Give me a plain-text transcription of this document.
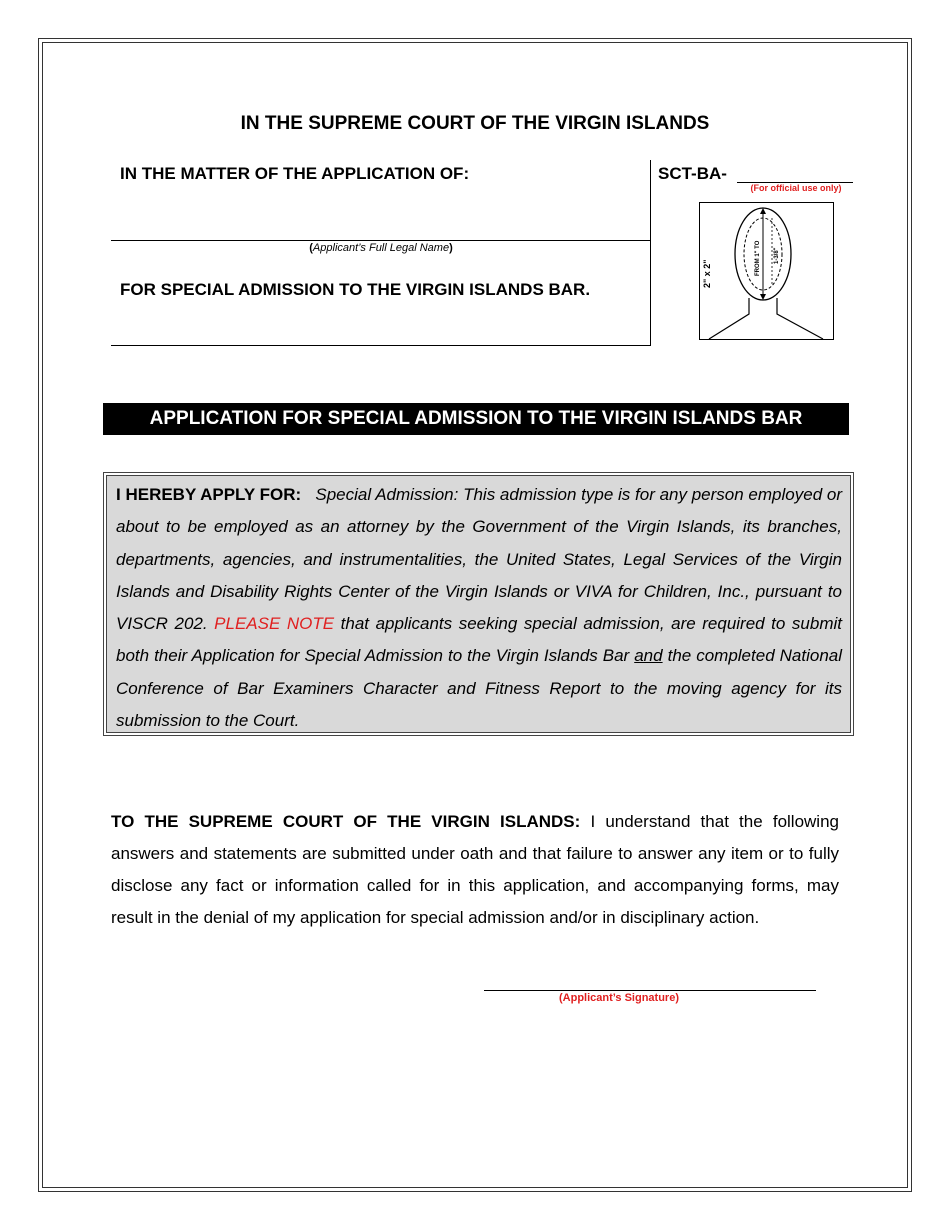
IN THE SUPREME COURT OF THE VIRGIN ISLANDS
IN THE MATTER OF THE APPLICATION OF:	SCT-BA-
(For official use only)
(Applicant’s Full Legal Name)
FOR SPECIAL ADMISSION TO THE VIRGIN ISLANDS BAR.
2" x 2"	FROM 1" TO 1-3/8"
APPLICATION FOR SPECIAL ADMISSION TO THE VIRGIN ISLANDS BAR
I HEREBY APPLY FOR: Special Admission: This admission type is for any person employed or about to be employed as an attorney by the Government of the Virgin Islands, its branches, departments, agencies, and instrumentalities, the United States, Legal Services of the Virgin Islands and Disability Rights Center of the Virgin Islands or VIVA for Children, Inc., pursuant to VISCR 202. PLEASE NOTE that applicants seeking special admission, are required to submit both their Application for Special Admission to the Virgin Islands Bar and the completed National Conference of Bar Examiners Character and Fitness Report to the moving agency for its submission to the Court.
TO THE SUPREME COURT OF THE VIRGIN ISLANDS: I understand that the following answers and statements are submitted under oath and that failure to answer any item or to fully disclose any fact or information called for in this application, and accompanying forms, may result in the denial of my application for special admission and/or in disciplinary action.
(Applicant’s Signature)
